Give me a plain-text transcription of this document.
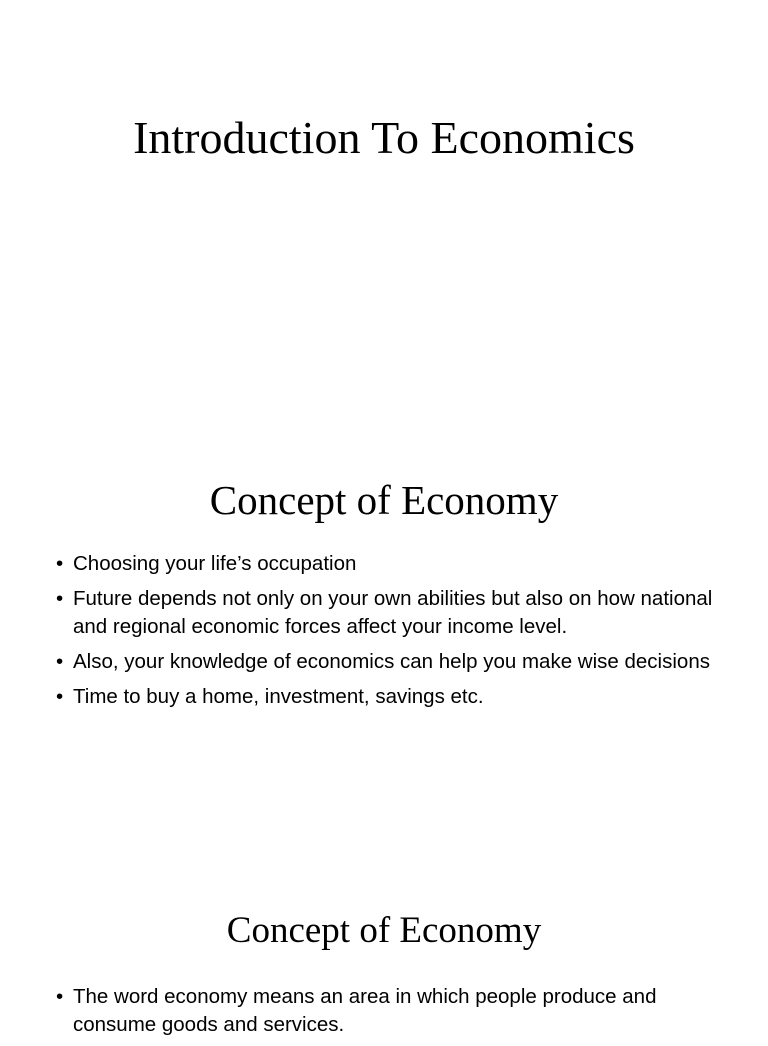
Introduction To Economics
Concept of Economy
• Choosing your life’s occupation
• Future depends not only on your own abilities but also on how national and regional economic forces affect your income level.
• Also, your knowledge of economics can help you make wise decisions
• Time to buy a home, investment, savings etc.
Concept of Economy
• The word economy means an area in which people produce and consume goods and services.
